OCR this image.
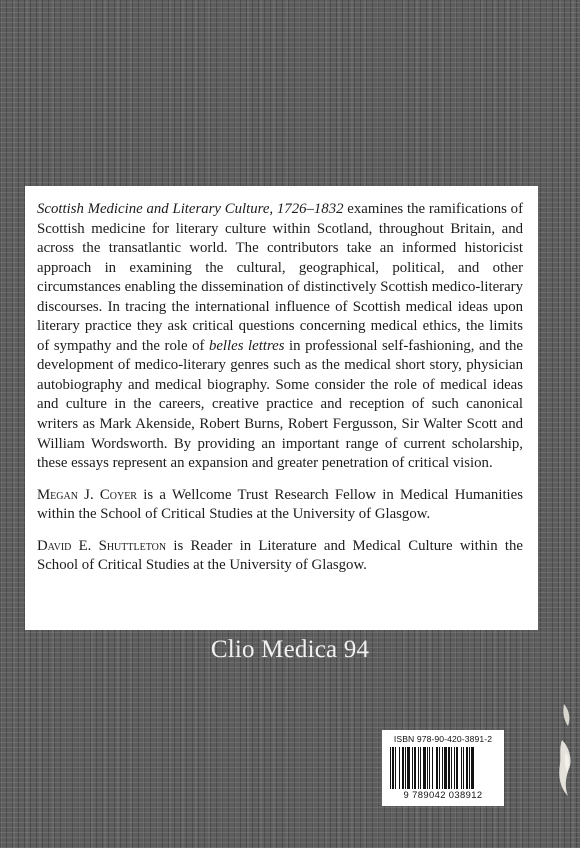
Scottish Medicine and Literary Culture, 1726–1832 examines the ramifications of Scottish medicine for literary culture within Scotland, throughout Britain, and across the transatlantic world. The contributors take an informed historicist approach in examining the cultural, geographical, political, and other circumstances enabling the dissemination of distinctively Scottish medico-literary discourses. In tracing the international influence of Scottish medical ideas upon literary practice they ask critical questions concerning medical ethics, the limits of sympathy and the role of belles lettres in professional self-fashioning, and the development of medico-literary genres such as the medical short story, physician autobiography and medical biography. Some consider the role of medical ideas and culture in the careers, creative practice and reception of such canonical writers as Mark Akenside, Robert Burns, Robert Fergusson, Sir Walter Scott and William Wordsworth. By providing an important range of current scholarship, these essays represent an expansion and greater penetration of critical vision.

Megan J. Coyer is a Wellcome Trust Research Fellow in Medical Humanities within the School of Critical Studies at the University of Glasgow.

David E. Shuttleton is Reader in Literature and Medical Culture within the School of Critical Studies at the University of Glasgow.

Clio Medica 94
ISBN 978-90-420-3891-2
9 789042 038912
